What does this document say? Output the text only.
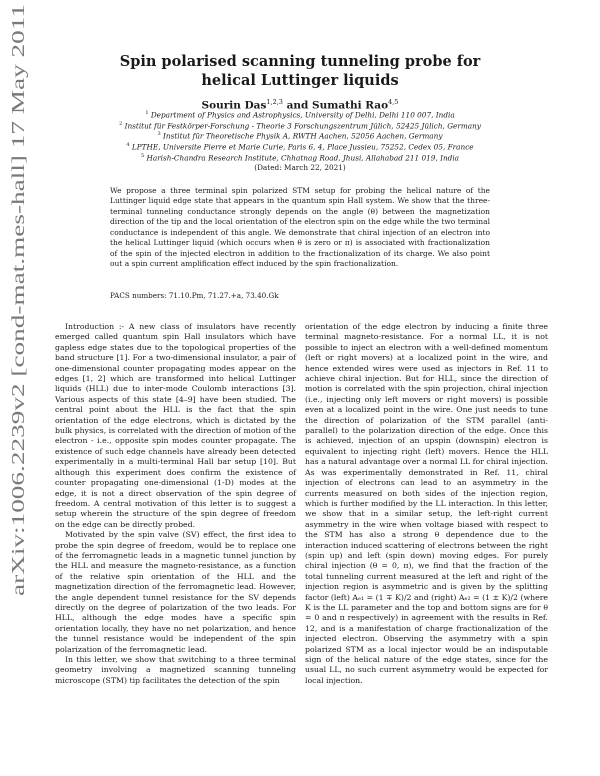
arXiv:1006.2239v2 [cond-mat.mes-hall] 17 May 2011
Spin polarised scanning tunneling probe for
helical Luttinger liquids
Sourin Das$^{1,2,3}$ and Sumathi Rao$^{4,5}$
$^1$ Department of Physics and Astrophysics, University of Delhi, Delhi 110 007, India
$^2$ Institut für Festkörper-Forschung - Theorie 3 Forschungszentrum Jülich, 52425 Jülich, Germany
$^3$ Institut für Theoretische Physik A, RWTH Aachen, 52056 Aachen, Germany
$^4$ LPTHE, Universite Pierre et Marie Curie, Paris 6, 4, Place Jussieu, 75252, Cedex 05, France
$^5$ Harish-Chandra Research Institute, Chhatnag Road, Jhusi, Allahabad 211 019, India
(Dated: March 22, 2021)
We propose a three terminal spin polarized STM setup for probing the helical nature of the Luttinger liquid edge state that appears in the quantum spin Hall system. We show that the three-terminal tunneling conductance strongly depends on the angle (θ) between the magnetization direction of the tip and the local orientation of the electron spin on the edge while the two terminal conductance is independent of this angle. We demonstrate that chiral injection of an electron into the helical Luttinger liquid (which occurs when θ is zero or π) is associated with fractionalization of the spin of the injected electron in addition to the fractionalization of its charge. We also point out a spin current amplification effect induced by the spin fractionalization.
PACS numbers: 71.10.Pm, 71.27.+a, 73.40.Gk

Introduction :- A new class of insulators have recently emerged called quantum spin Hall insulators which have gapless edge states due to the topological properties of the band structure [1]. For a two-dimensional insulator, a pair of one-dimensional counter propagating modes appear on the edges [1, 2] which are transformed into helical Luttinger liquids (HLL) due to inter-mode Coulomb interactions [3]. Various aspects of this state [4–9] have been studied. The central point about the HLL is the fact that the spin orientation of the edge electrons, which is dictated by the bulk physics, is correlated with the direction of motion of the electron - i.e., opposite spin modes counter propagate. The existence of such edge channels have already been detected experimentally in a multi-terminal Hall bar setup [10]. But although this experiment does confirm the existence of counter propagating one-dimensional (1-D) modes at the edge, it is not a direct observation of the spin degree of freedom. A central motivation of this letter is to suggest a setup wherein the structure of the spin degree of freedom on the edge can be directly probed.

Motivated by the spin valve (SV) effect, the first idea to probe the spin degree of freedom, would be to replace one of the ferromagnetic leads in a magnetic tunnel junction by the HLL and measure the magneto-resistance, as a function of the relative spin orientation of the HLL and the magnetization direction of the ferromagnetic lead. However, the angle dependent tunnel resistance for the SV depends directly on the degree of polarization of the two leads. For HLL, although the edge modes have a specific spin orientation locally, they have no net polarization, and hence the tunnel resistance would be independent of the spin polarization of the ferromagnetic lead.

In this letter, we show that switching to a three terminal geometry involving a magnetized scanning tunneling microscope (STM) tip facilitates the detection of the spin

orientation of the edge electron by inducing a finite three terminal magneto-resistance. For a normal LL, it is not possible to inject an electron with a well-defined momentum (left or right movers) at a localized point in the wire, and hence extended wires were used as injectors in Ref. 11 to achieve chiral injection. But for HLL, since the direction of motion is correlated with the spin projection, chiral injection (i.e., injecting only left movers or right movers) is possible even at a localized point in the wire. One just needs to tune the direction of polarization of the STM parallel (anti-parallel) to the polarization direction of the edge. Once this is achieved, injection of an upspin (downspin) electron is equivalent to injecting right (left) movers. Hence the HLL has a natural advantage over a normal LL for chiral injection. As was experimentally demonstrated in Ref. 11, chiral injection of electrons can lead to an asymmetry in the currents measured on both sides of the injection region, which is further modified by the LL interaction. In this letter, we show that in a similar setup, the left-right current asymmetry in the wire when voltage biased with respect to the STM has also a strong θ dependence due to the interaction induced scattering of electrons between the right (spin up) and left (spin down) moving edges. For purely chiral injection (θ = 0, π), we find that the fraction of the total tunneling current measured at the left and right of the injection region is asymmetric and is given by the splitting factor (left) Aₑ₁ = (1 ∓ K)/2 and (right) Aₑ₂ = (1 ± K)/2 (where K is the LL parameter and the top and bottom signs are for θ = 0 and π respectively) in agreement with the results in Ref. 12, and is a manifestation of charge fractionalization of the injected electron. Observing the asymmetry with a spin polarized STM as a local injector would be an indisputable sign of the helical nature of the edge states, since for the usual LL, no such current asymmetry would be expected for local injection.
